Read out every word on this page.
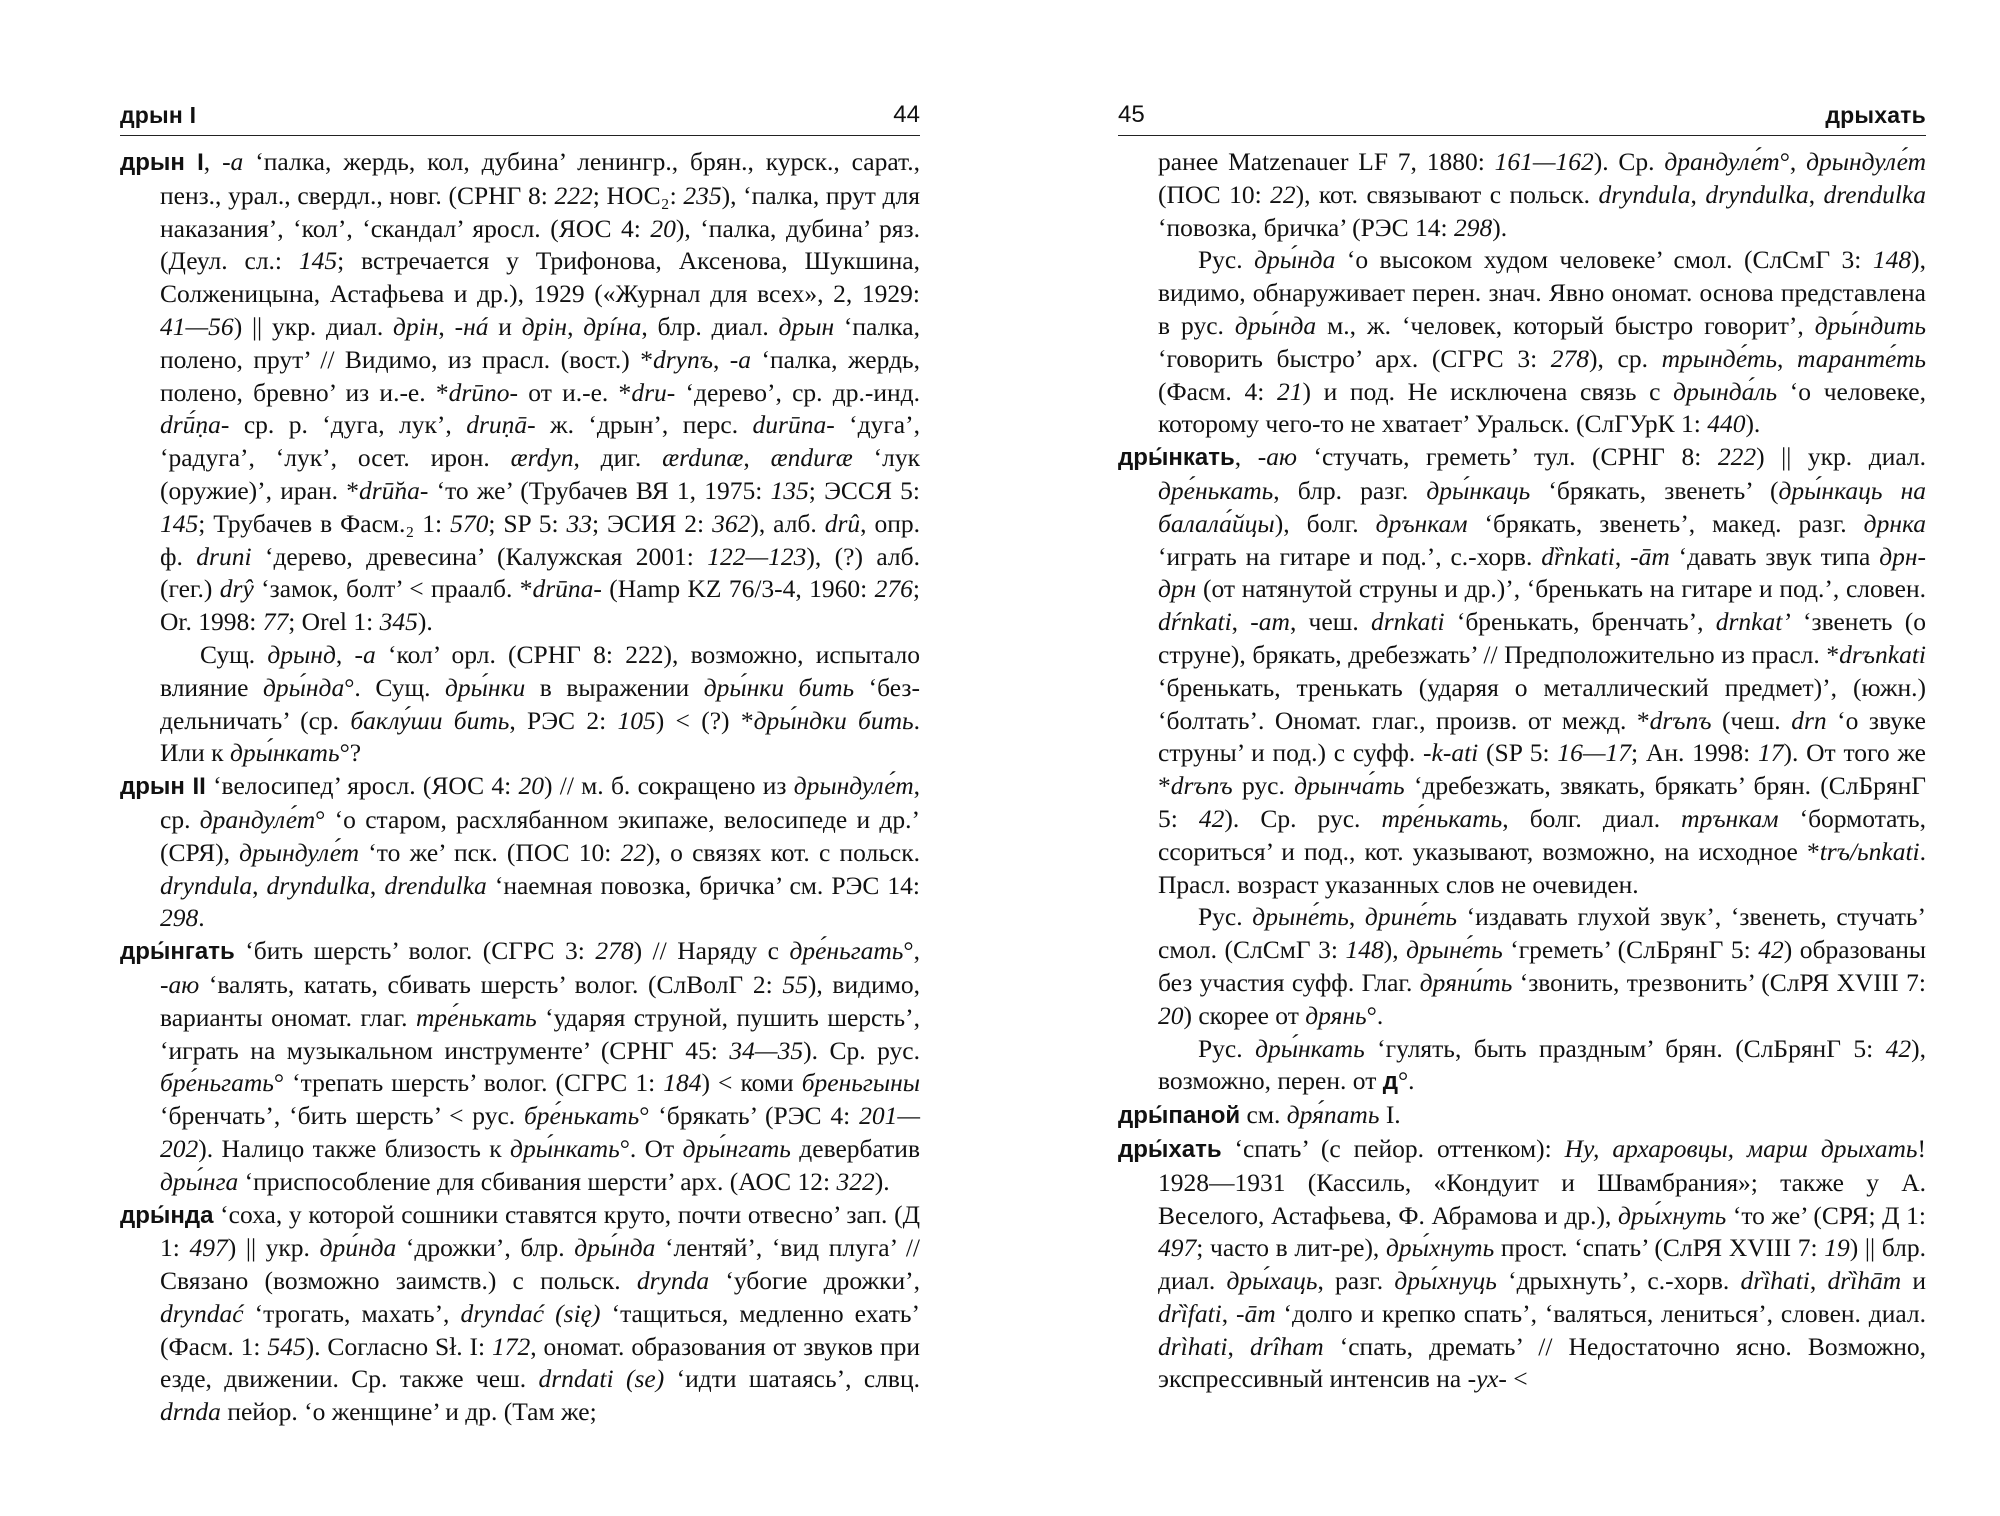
дрын I	44
дрын I, -а ‘палка, жердь, кол, дубина’ ленингр., брян., курск., сарат., пенз., урал., свердл., новг. (СРНГ 8: 222; НОС₂: 235), ‘палка, прут для наказания’, ‘кол’, ‘скандал’ яросл. (ЯОС 4: 20), ‘палка, дубина’ ряз. (Деул. сл.: 145; встречается у Трифонова, Аксенова, Шукшина, Солженицына, Астафьева и др.), 1929 («Журнал для всех», 2, 1929: 41—56) || укр. диал. дрiн, -нá и дрiн, дрíна, блр. диал. дрын ‘палка, полено, прут’ // Видимо, из прасл. (вост.) *drynъ, -а ‘палка, жердь, полено, бревно’ из и.-е. *drūno- от и.-е. *dru- ‘дерево’, ср. др.-инд. drū́ṇa- ср. р. ‘дуга, лук’, druṇā- ж. ‘дрын’, перс. durūna- ‘дуга’, ‘радуга’, ‘лук’, осет. ирон. ærdyn, диг. ærdunæ, ænduræ ‘лук (оружие)’, иран. *drū̆na- ‘то же’ (Трубачев ВЯ 1, 1975: 135; ЭССЯ 5: 145; Трубачев в Фасм.₂ 1: 570; SP 5: 33; ЭСИЯ 2: 362), алб. drû, опр. ф. druni ‘дерево, древесина’ (Калужская 2001: 122—123), (?) алб. (гег.) drŷ ‘замок, болт’ < праалб. *drūna- (Hamp KZ 76/3-4, 1960: 276; Or. 1998: 77; Orel 1: 345).
Сущ. дрынд, -а ‘кол’ орл. (СРНГ 8: 222), возможно, испытало влияние дры́нда°. Сущ. дры́нки в выражении дры́нки бить ‘бездельничать’ (ср. баклу́ши бить, РЭС 2: 105) < (?) *дры́ндки бить. Или к дры́нкать°?
дрын II ‘велосипед’ яросл. (ЯОС 4: 20) // м. б. сокращено из дрындуле́т, ср. драндуле́т° ‘о старом, расхлябанном экипаже, велосипеде и др.’ (СРЯ), дрындуле́т ‘то же’ пск. (ПОС 10: 22), о связях кот. с польск. dryndula, dryndulka, drendulka ‘наемная повозка, бричка’ см. РЭС 14: 298.
дры́нгать ‘бить шерсть’ волог. (СГРС 3: 278) // Наряду с дре́ньгать°, -аю ‘валять, катать, сбивать шерсть’ волог. (СлВолГ 2: 55), видимо, варианты ономат. глаг. тре́нькать ‘ударяя струной, пушить шерсть’, ‘играть на музыкальном инструменте’ (СРНГ 45: 34—35). Ср. рус. бре́ньгать° ‘трепать шерсть’ волог. (СГРС 1: 184) < коми бреньгыны ‘бренчать’, ‘бить шерсть’ < рус. бре́нькать° ‘брякать’ (РЭС 4: 201—202). Налицо также близость к дры́нкать°. От дры́нгать девербатив дры́нга ‘приспособление для сбивания шерсти’ арх. (АОС 12: 322).
дры́нда ‘соха, у которой сошники ставятся круто, почти отвесно’ зап. (Д 1: 497) || укр. дри́нда ‘дрожки’, блр. дры́нда ‘лентяй’, ‘вид плуга’ // Связано (возможно заимств.) с польск. drynda ‘убогие дрожки’, dryndać ‘трогать, махать’, dryndać (się) ‘тащиться, медленно ехать’ (Фасм. 1: 545). Согласно Sł. I: 172, ономат. образования от звуков при езде, движении. Ср. также чеш. drndati (se) ‘идти шатаясь’, слвц. drnda пейор. ‘о женщине’ и др. (Там же;
45	дрыхать
ранее Matzenauer LF 7, 1880: 161—162). Ср. драндуле́т°, дрындуле́т (ПОС 10: 22), кот. связывают с польск. dryndula, dryndulka, drendulka ‘повозка, бричка’ (РЭС 14: 298).
Рус. дры́нда ‘о высоком худом человеке’ смол. (СлСмГ 3: 148), видимо, обнаруживает перен. знач. Явно ономат. основа представлена в рус. дры́нда м., ж. ‘человек, который быстро говорит’, дры́ндить ‘говорить быстро’ арх. (СГРС 3: 278), ср. трынде́ть, таранте́ть (Фасм. 4: 21) и под. Не исключена связь с дрында́ль ‘о человеке, которому чего-то не хватает’ Уральск. (СлГУрК 1: 440).
дры́нкать, -аю ‘стучать, греметь’ тул. (СРНГ 8: 222) || укр. диал. дре́нькать, блр. разг. дры́нкаць ‘брякать, звенеть’ (дры́нкаць на балала́йцы), болг. дрънкам ‘брякать, звенеть’, макед. разг. дрнка ‘играть на гитаре и под.’, с.-хорв. dȑnkati, -ām ‘давать звук типа дрн-дрн (от натянутой струны и др.)’, ‘бренькать на гитаре и под.’, словен. dŕnkati, -am, чеш. drnkati ‘бренькать, бренчать’, drnkat’ ‘звенеть (о струне), брякать, дребезжать’ // Предположительно из прасл. *drъnkati ‘бренькать, тренькать (ударяя о металлический предмет)’, (южн.) ‘болтать’. Ономат. глаг., произв. от межд. *drъnъ (чеш. drn ‘о звуке струны’ и под.) с суфф. -k-ati (SP 5: 16—17; Ан. 1998: 17). От того же *drъnъ рус. дрынча́ть ‘дребезжать, звякать, брякать’ брян. (СлБрянГ 5: 42). Ср. рус. тре́нькать, болг. диал. трънкам ‘бормотать, ссориться’ и под., кот. указывают, возможно, на исходное *trъ/ьnkati. Прасл. возраст указанных слов не очевиден.
Рус. дрыне́ть, дрине́ть ‘издавать глухой звук’, ‘звенеть, стучать’ смол. (СлСмГ 3: 148), дрыне́ть ‘греметь’ (СлБрянГ 5: 42) образованы без участия суфф. Глаг. дряни́ть ‘звонить, трезвонить’ (СлРЯ XVIII 7: 20) скорее от дрянь°.
Рус. дры́нкать ‘гулять, быть праздным’ брян. (СлБрянГ 5: 42), возможно, перен. от д°.
дры́паной см. дря́пать I.
дры́хать ‘спать’ (с пейор. оттенком): Ну, архаровцы, марш дрыхать! 1928—1931 (Кассиль, «Кондуит и Швамбрания»; также у А. Веселого, Астафьева, Ф. Абрамова и др.), дры́хнуть ‘то же’ (СРЯ; Д 1: 497; часто в лит-ре), дры́хнуть прост. ‘спать’ (СлРЯ XVIII 7: 19) || блр. диал. дры́хаць, разг. дры́хнуць ‘дрыхнуть’, с.-хорв. drȉhati, drȉhām и drȉfati, -ām ‘долго и крепко спать’, ‘валяться, лениться’, словен. диал. drìhati, drîham ‘спать, дремать’ // Недостаточно ясно. Возможно, экспрессивный интенсив на -ух- <
